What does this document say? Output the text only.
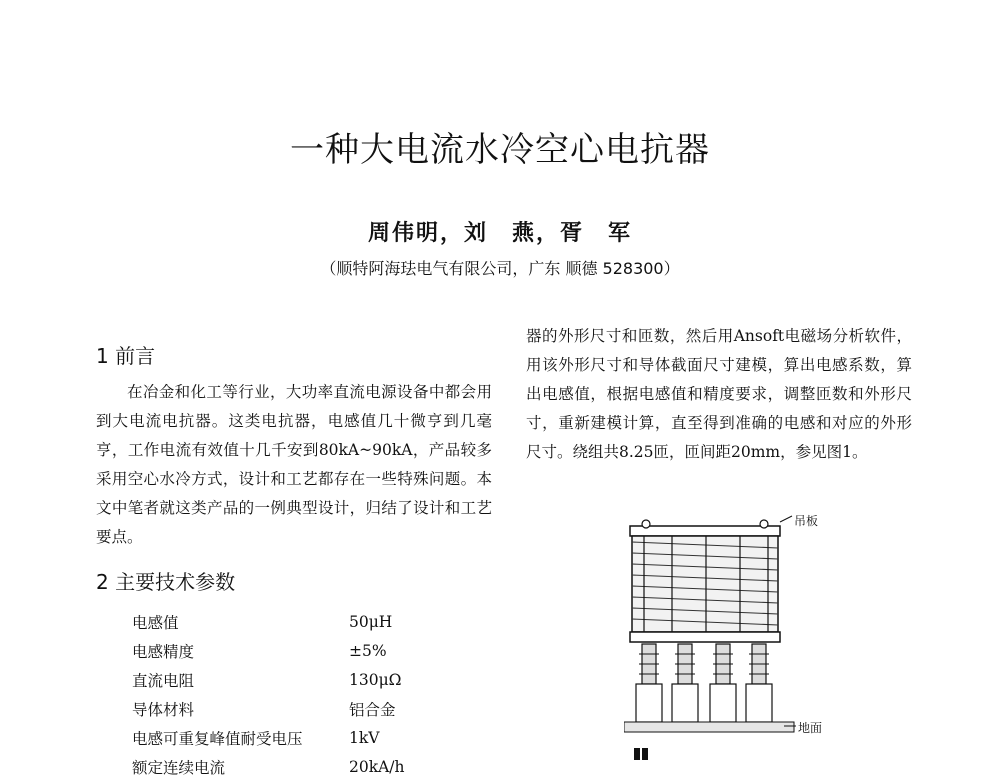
一种大电流水冷空心电抗器
周伟明，刘　燕，胥　军
（顺特阿海珐电气有限公司，广东 顺德 528300）
1 前言
在冶金和化工等行业，大功率直流电源设备中都会用到大电流电抗器。这类电抗器，电感值几十微亨到几毫亨，工作电流有效值十几千安到80kA~90kA，产品较多采用空心水冷方式，设计和工艺都存在一些特殊问题。本文中笔者就这类产品的一例典型设计，归结了设计和工艺要点。
2 主要技术参数
电感值	50μH
电感精度	±5%
直流电阻	130μΩ
导体材料	铝合金
电感可重复峰值耐受电压	1kV
额定连续电流	20kA/h
器的外形尺寸和匝数，然后用Ansoft电磁场分析软件，用该外形尺寸和导体截面尺寸建模，算出电感系数，算出电感值，根据电感值和精度要求，调整匝数和外形尺寸，重新建模计算，直至得到准确的电感和对应的外形尺寸。绕组共8.25匝，匝间距20mm，参见图1。
吊板
地面
